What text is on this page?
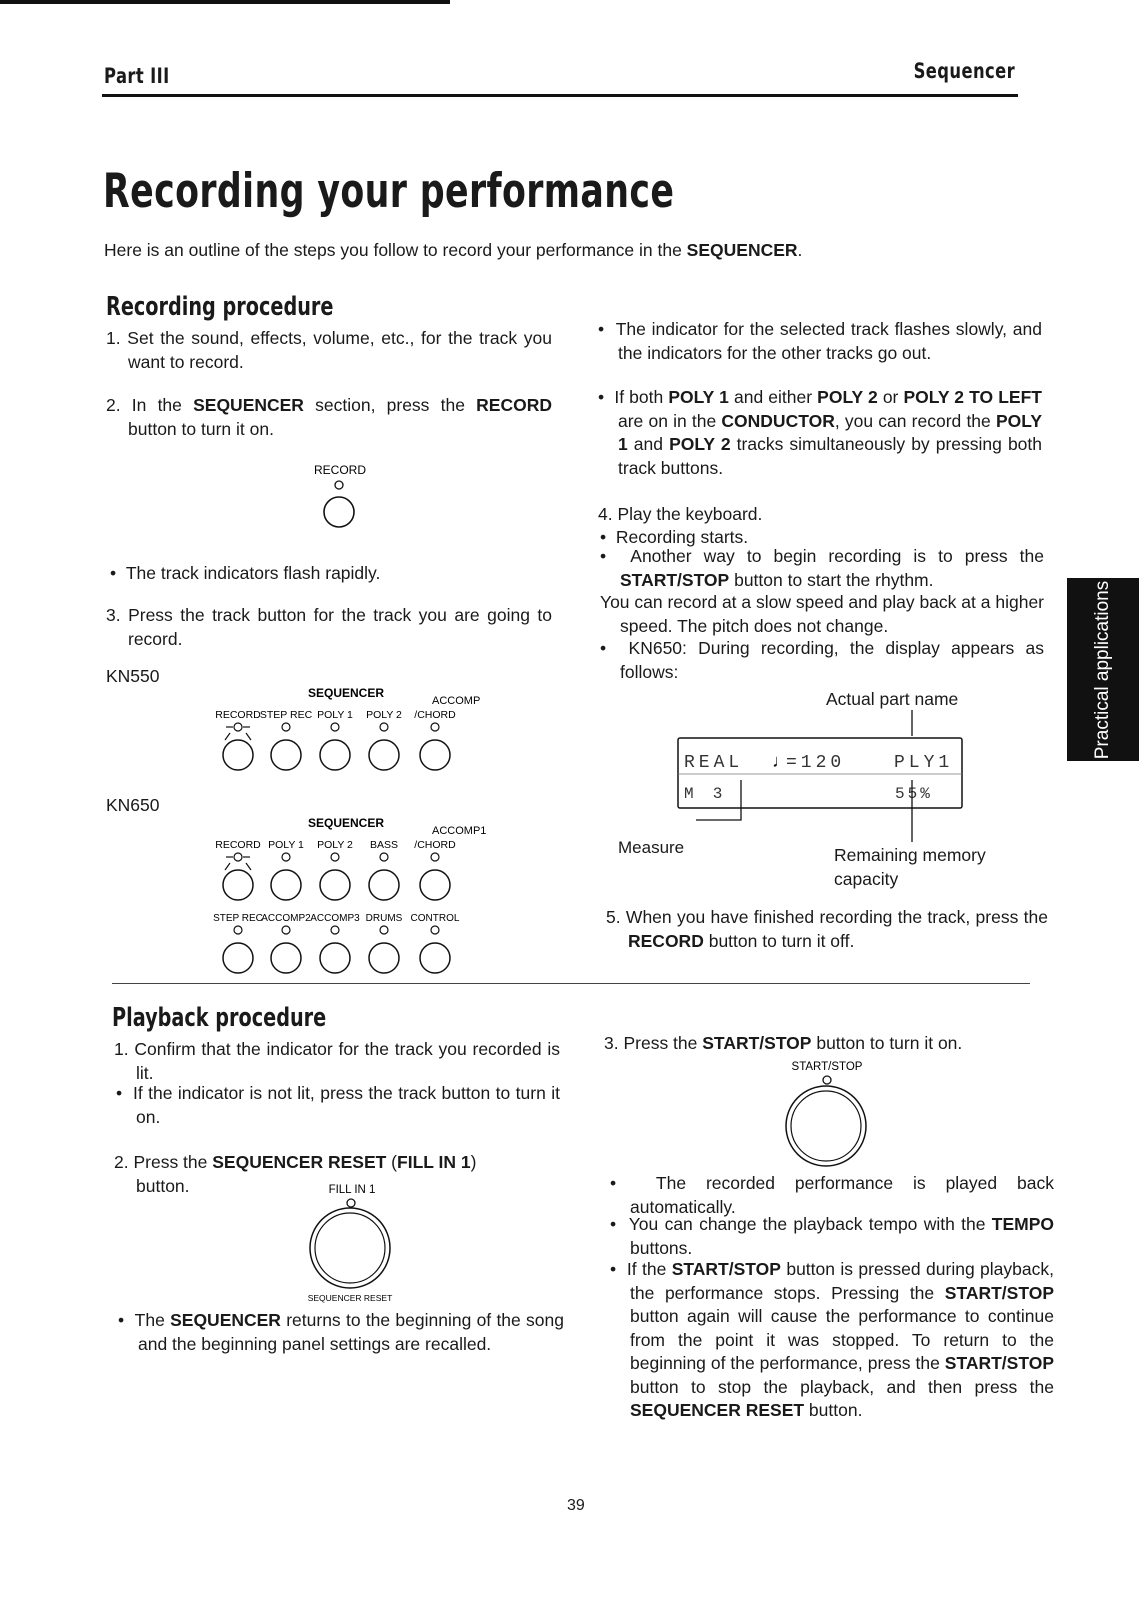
Part III	Sequencer
Recording your performance
Here is an outline of the steps you follow to record your performance in the SEQUENCER.
Recording procedure
1. Set the sound, effects, volume, etc., for the track you want to record.
2. In the SEQUENCER section, press the RECORD button to turn it on.
RECORD
•  The track indicators flash rapidly.
3. Press the track button for the track you are going to record.
KN550
SEQUENCER
ACCOMP
RECORD STEP REC POLY 1 POLY 2 /CHORD
KN650
SEQUENCER
ACCOMP1
RECORD POLY 1 POLY 2 BASS /CHORD
STEP REC
ACCOMP2 ACCOMP3 DRUMS CONTROL
•  The indicator for the selected track flashes slowly, and the indicators for the other tracks go out.
•  If both POLY 1 and either POLY 2 or POLY 2 TO LEFT are on in the CONDUCTOR, you can record the POLY 1 and POLY 2 tracks simultaneously by pressing both track buttons.
4. Play the keyboard.
•  Recording starts.
•  Another way to begin recording is to press the START/STOP button to start the rhythm.
You can record at a slow speed and play back at a higher speed. The pitch does not change.
•  KN650: During recording, the display appears as follows:
Actual part name
REAL ♩
=120	PLY1
M  3	55%
Measure	Remaining memory
capacity
5. When you have finished recording the track, press the RECORD button to turn it off.
Playback procedure
1. Confirm that the indicator for the track you recorded is lit.
•  If the indicator is not lit, press the track button to turn it on.
2. Press the SEQUENCER RESET (FILL IN 1)
button.	FILL IN 1
SEQUENCER RESET
•  The SEQUENCER returns to the beginning of the song and the beginning panel settings are recalled.
3. Press the START/STOP button to turn it on.
START/STOP
•  The recorded performance is played back automatically.
•  You can change the playback tempo with the TEMPO buttons.
•  If the START/STOP button is pressed during playback, the performance stops. Pressing the START/STOP button again will cause the performance to continue from the point it was stopped. To return to the beginning of the performance, press the START/STOP button to stop the playback, and then press the SEQUENCER RESET button.
Practical applications
39
